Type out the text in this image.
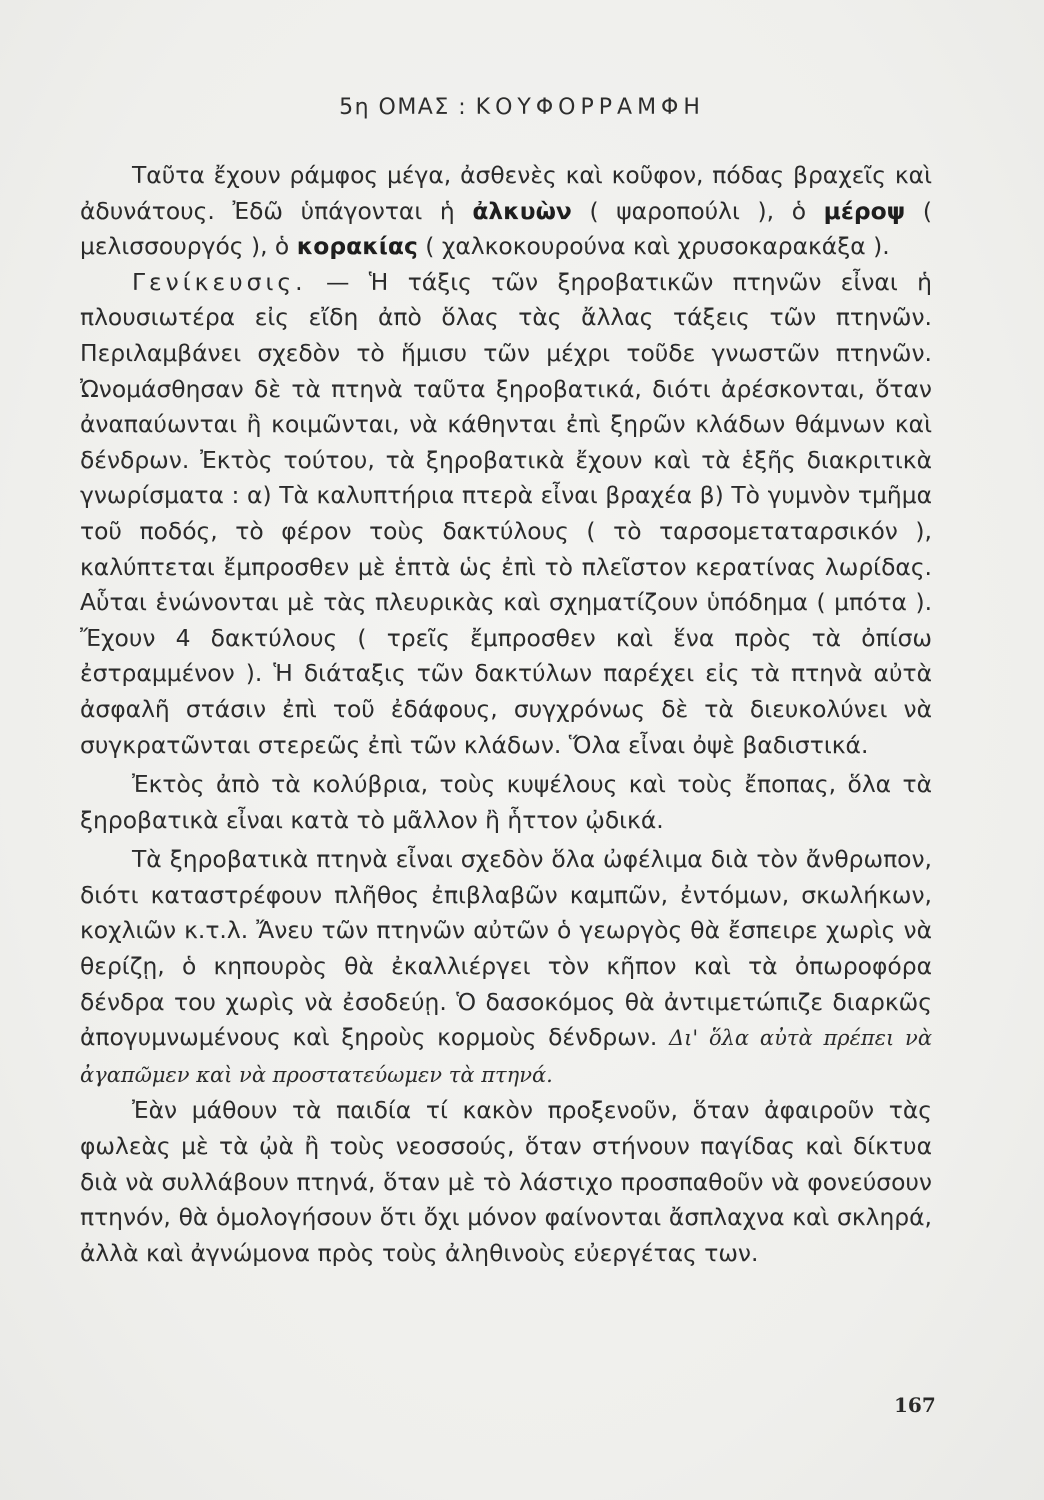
5η ΟΜΑΣ : ΚΟΥΦΟΡΡΑΜΦΗ

Ταῦτα ἔχουν ράμφος μέγα, ἀσθενὲς καὶ κοῦφον, πόδας βραχεῖς καὶ ἀδυνάτους. Ἐδῶ ὑπάγονται ἡ ἀλκυὼν ( ψαροπούλι ), ὁ μέροψ ( μελισσουργός ), ὁ κορακίας ( χαλκοκουρούνα καὶ χρυσοκαρακάξα ).

Γενίκευσις. — Ἡ τάξις τῶν ξηροβατικῶν πτηνῶν εἶναι ἡ πλουσιωτέρα εἰς εἴδη ἀπὸ ὅλας τὰς ἄλλας τάξεις τῶν πτηνῶν. Περιλαμβάνει σχεδὸν τὸ ἥμισυ τῶν μέχρι τοῦδε γνωστῶν πτηνῶν. Ὠνομάσθησαν δὲ τὰ πτηνὰ ταῦτα ξηροβατικά, διότι ἀρέσκονται, ὅταν ἀναπαύωνται ἢ κοιμῶνται, νὰ κάθηνται ἐπὶ ξηρῶν κλάδων θάμνων καὶ δένδρων. Ἐκτὸς τούτου, τὰ ξηροβατικὰ ἔχουν καὶ τὰ ἑξῆς διακριτικὰ γνωρίσματα : α) Τὰ καλυπτήρια πτερὰ εἶναι βραχέα β) Τὸ γυμνὸν τμῆμα τοῦ ποδός, τὸ φέρον τοὺς δακτύλους ( τὸ ταρσομεταταρσικόν ), καλύπτεται ἔμπροσθεν μὲ ἑπτὰ ὡς ἐπὶ τὸ πλεῖστον κερατίνας λωρίδας. Αὗται ἑνώνονται μὲ τὰς πλευρικὰς καὶ σχηματίζουν ὑπόδημα ( μπότα ). Ἔχουν 4 δακτύλους ( τρεῖς ἔμπροσθεν καὶ ἕνα πρὸς τὰ ὀπίσω ἐστραμμένον ). Ἡ διάταξις τῶν δακτύλων παρέχει εἰς τὰ πτηνὰ αὐτὰ ἀσφαλῆ στάσιν ἐπὶ τοῦ ἐδάφους, συγχρόνως δὲ τὰ διευκολύνει νὰ συγκρατῶνται στερεῶς ἐπὶ τῶν κλάδων. Ὅλα εἶναι ὀψὲ βαδιστικά.

Ἐκτὸς ἀπὸ τὰ κολύβρια, τοὺς κυψέλους καὶ τοὺς ἔποπας, ὅλα τὰ ξηροβατικὰ εἶναι κατὰ τὸ μᾶλλον ἢ ἧττον ᾠδικά.

Τὰ ξηροβατικὰ πτηνὰ εἶναι σχεδὸν ὅλα ὠφέλιμα διὰ τὸν ἄνθρωπον, διότι καταστρέφουν πλῆθος ἐπιβλαβῶν καμπῶν, ἐντόμων, σκωλήκων, κοχλιῶν κ.τ.λ. Ἄνευ τῶν πτηνῶν αὐτῶν ὁ γεωργὸς θὰ ἔσπειρε χωρὶς νὰ θερίζῃ, ὁ κηπουρὸς θὰ ἐκαλλιέργει τὸν κῆπον καὶ τὰ ὀπωροφόρα δένδρα του χωρὶς νὰ ἐσοδεύῃ. Ὁ δασοκόμος θὰ ἀντιμετώπιζε διαρκῶς ἀπογυμνωμένους καὶ ξηροὺς κορμοὺς δένδρων. Δι' ὅλα αὐτὰ πρέπει νὰ ἀγαπῶμεν καὶ νὰ προστατεύωμεν τὰ πτηνά.

Ἐὰν μάθουν τὰ παιδία τί κακὸν προξενοῦν, ὅταν ἀφαιροῦν τὰς φωλεὰς μὲ τὰ ᾠὰ ἢ τοὺς νεοσσούς, ὅταν στήνουν παγίδας καὶ δίκτυα διὰ νὰ συλλάβουν πτηνά, ὅταν μὲ τὸ λάστιχο προσπαθοῦν νὰ φονεύσουν πτηνόν, θὰ ὁμολογήσουν ὅτι ὄχι μόνον φαίνονται ἄσπλαχνα καὶ σκληρά, ἀλλὰ καὶ ἀγνώμονα πρὸς τοὺς ἀληθινοὺς εὐεργέτας των.

167
